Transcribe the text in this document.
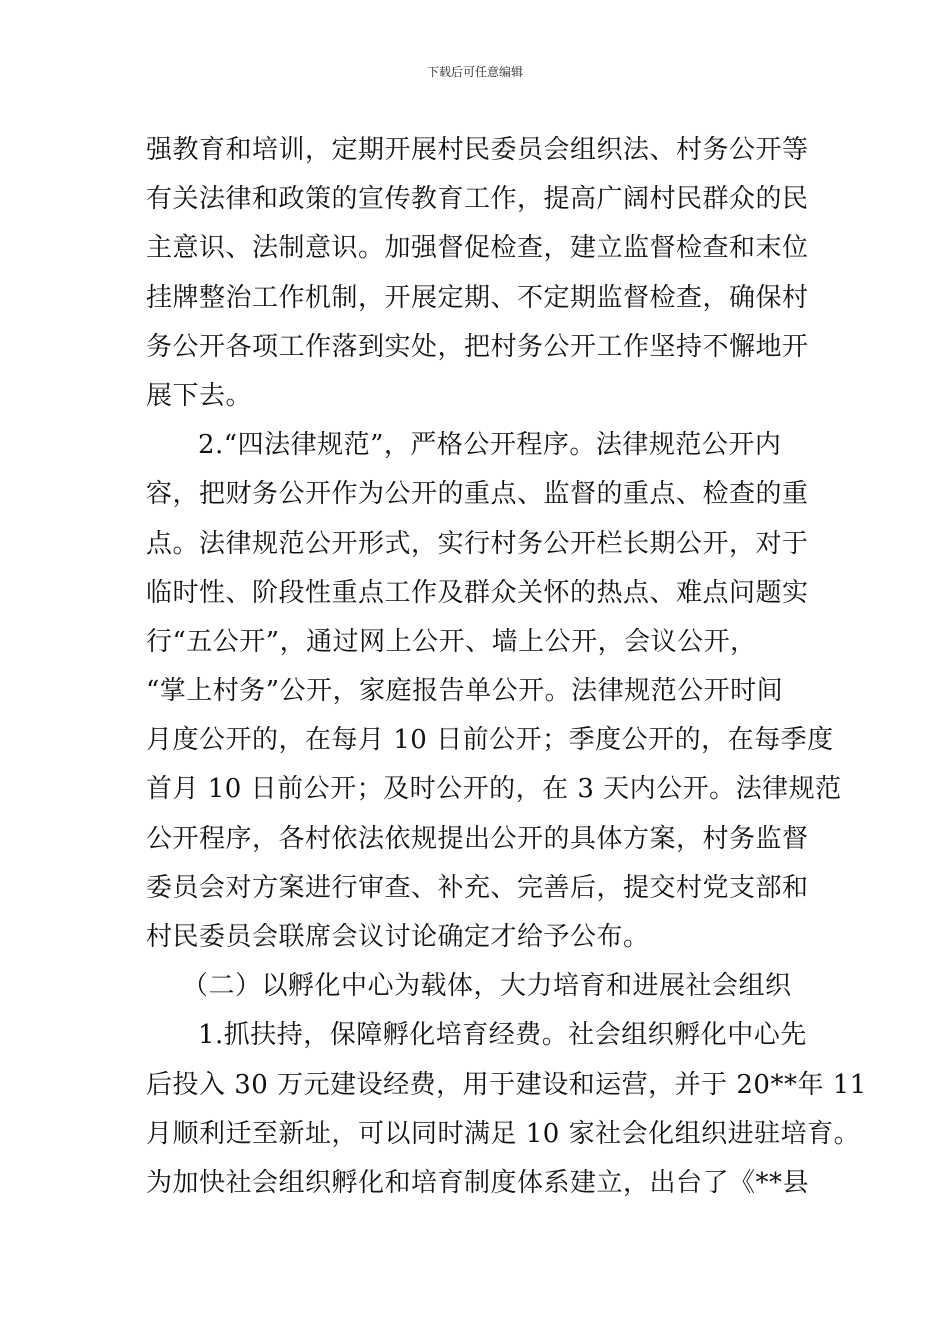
下载后可任意编辑
强教育和培训，定期开展村民委员会组织法、村务公开等
有关法律和政策的宣传教育工作，提高广阔村民群众的民
主意识、法制意识。加强督促检查，建立监督检查和末位
挂牌整治工作机制，开展定期、不定期监督检查，确保村
务公开各项工作落到实处，把村务公开工作坚持不懈地开
展下去。
2.“四法律规范”，严格公开程序。法律规范公开内
容，把财务公开作为公开的重点、监督的重点、检查的重
点。法律规范公开形式，实行村务公开栏长期公开，对于
临时性、阶段性重点工作及群众关怀的热点、难点问题实
行“五公开”，通过网上公开、墙上公开，会议公开，
“掌上村务”公开，家庭报告单公开。法律规范公开时间
月度公开的，在每月 10 日前公开；季度公开的，在每季度
首月 10 日前公开；及时公开的，在 3 天内公开。法律规范
公开程序，各村依法依规提出公开的具体方案，村务监督
委员会对方案进行审查、补充、完善后，提交村党支部和
村民委员会联席会议讨论确定才给予公布。
（二）以孵化中心为载体，大力培育和进展社会组织
1.抓扶持，保障孵化培育经费。社会组织孵化中心先
后投入 30 万元建设经费，用于建设和运营，并于 20**年 11
月顺利迁至新址，可以同时满足 10 家社会化组织进驻培育。
为加快社会组织孵化和培育制度体系建立，出台了《**县
